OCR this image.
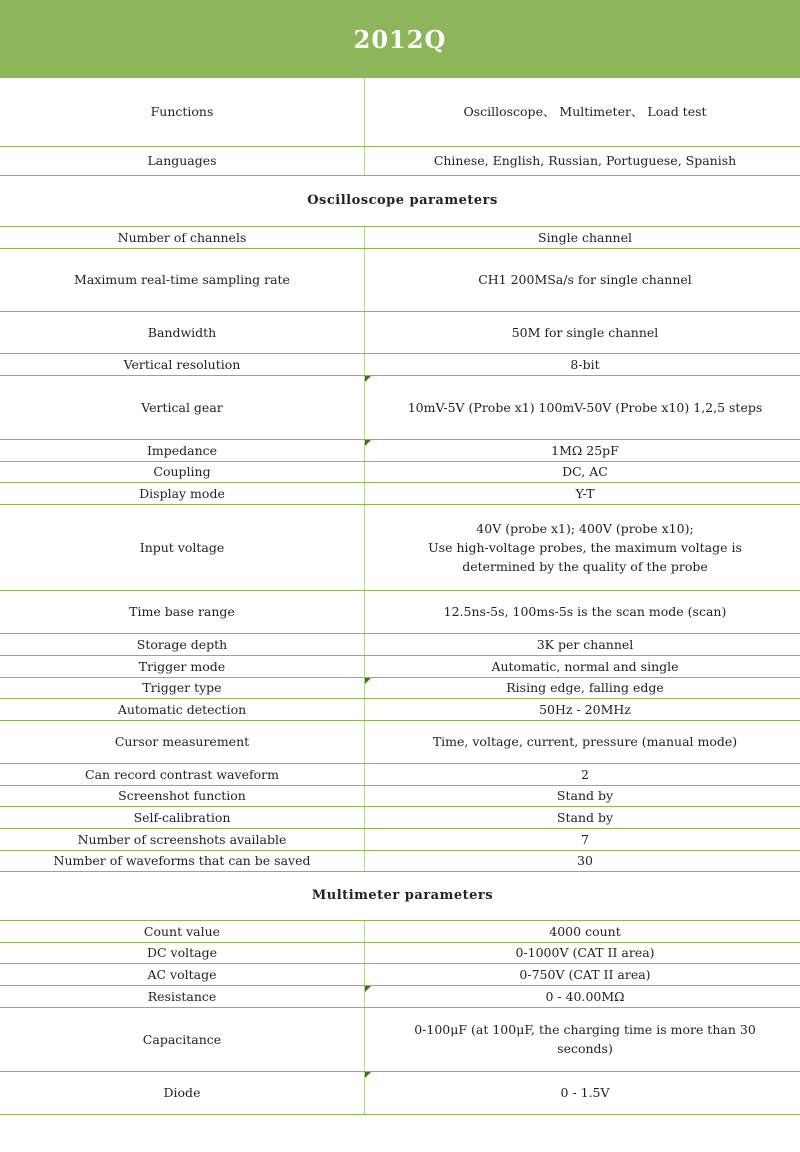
2012Q
Functions	Oscilloscope、 Multimeter、 Load test
Languages	Chinese, English, Russian, Portuguese, Spanish
Oscilloscope parameters	
Number of channels	Single channel
Maximum real-time sampling rate	CH1 200MSa/s for single channel
Bandwidth	50M for single channel
Vertical resolution	8-bit
Vertical gear	10mV-5V (Probe x1) 100mV-50V (Probe x10) 1,2,5 steps
Impedance	1MΩ 25pF
Coupling	DC, AC
Display mode	Y-T
Input voltage	40V (probe x1); 400V (probe x10);
Use high-voltage probes, the maximum voltage is
determined by the quality of the probe

Time base range	12.5ns-5s, 100ms-5s is the scan mode (scan)
Storage depth	3K per channel
Trigger mode	Automatic, normal and single
Trigger type	Rising edge, falling edge
Automatic detection	50Hz - 20MHz
Cursor measurement	Time, voltage, current, pressure (manual mode)
Can record contrast waveform	2
Screenshot function	Stand by
Self-calibration	Stand by
Number of screenshots available	7
Number of waveforms that can be saved	30
Multimeter parameters	
Count value	4000 count
DC voltage	0-1000V (CAT II area)
AC voltage	0-750V (CAT II area)
Resistance	0 - 40.00MΩ
Capacitance	0-100μF (at 100μF, the charging time is more than 30
seconds)

Diode	0 - 1.5V
